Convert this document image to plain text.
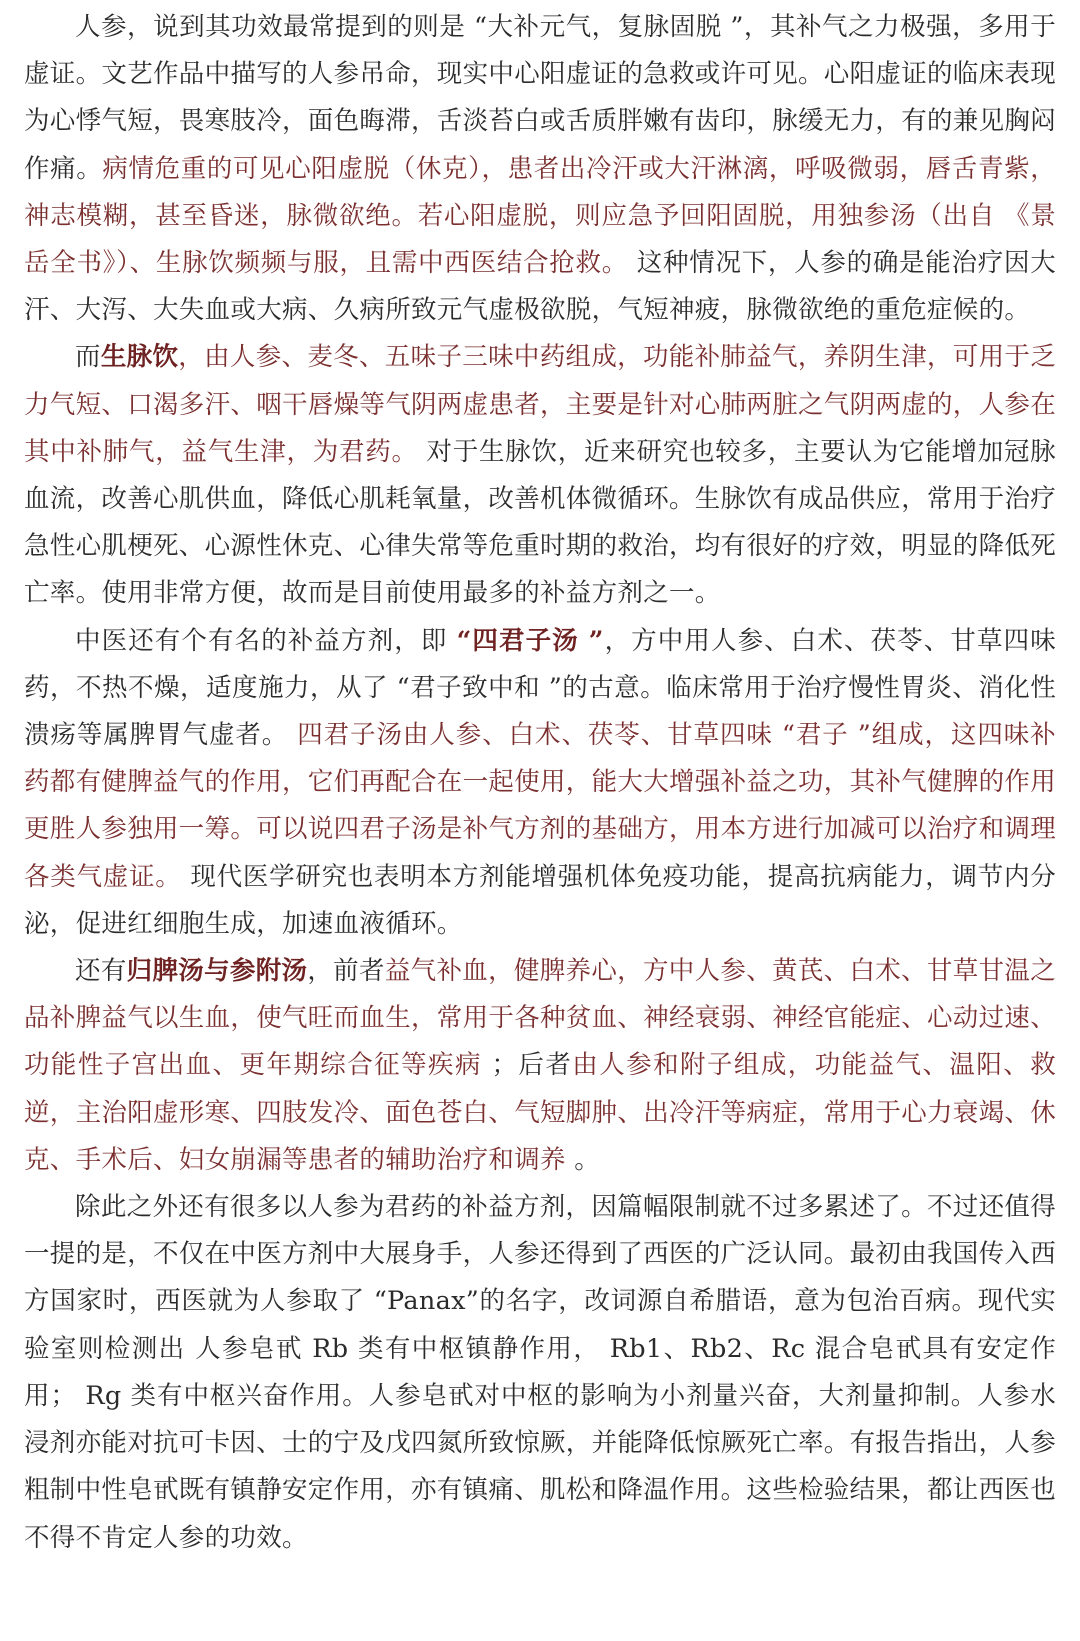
人参，说到其功效最常提到的则是 “大补元气，复脉固脱 ”，其补气之力极强，多用于虚证。文艺作品中描写的人参吊命，现实中心阳虚证的急救或许可见。心阳虚证的临床表现为心悸气短，畏寒肢冷，面色晦滞，舌淡苔白或舌质胖嫩有齿印，脉缓无力，有的兼见胸闷作痛。病情危重的可见心阳虚脱（休克），患者出冷汗或大汗淋漓，呼吸微弱，唇舌青紫，神志模糊，甚至昏迷，脉微欲绝。若心阳虚脱，则应急予回阳固脱，用独参汤（出自 《景岳全书》）、生脉饮频频与服，且需中西医结合抢救。 这种情况下，人参的确是能治疗因大汗、大泻、大失血或大病、久病所致元气虚极欲脱，气短神疲，脉微欲绝的重危症候的。

而生脉饮，由人参、麦冬、五味子三味中药组成，功能补肺益气，养阴生津，可用于乏力气短、口渴多汗、咽干唇燥等气阴两虚患者，主要是针对心肺两脏之气阴两虚的，人参在其中补肺气，益气生津，为君药。 对于生脉饮，近来研究也较多，主要认为它能增加冠脉血流，改善心肌供血，降低心肌耗氧量，改善机体微循环。生脉饮有成品供应，常用于治疗急性心肌梗死、心源性休克、心律失常等危重时期的救治，均有很好的疗效，明显的降低死亡率。使用非常方便，故而是目前使用最多的补益方剂之一。

中医还有个有名的补益方剂，即 “四君子汤 ”，方中用人参、白术、茯苓、甘草四味药，不热不燥，适度施力，从了 “君子致中和 ”的古意。临床常用于治疗慢性胃炎、消化性溃疡等属脾胃气虚者。 四君子汤由人参、白术、茯苓、甘草四味 “君子 ”组成，这四味补药都有健脾益气的作用，它们再配合在一起使用，能大大增强补益之功，其补气健脾的作用更胜人参独用一筹。可以说四君子汤是补气方剂的基础方，用本方进行加减可以治疗和调理各类气虚证。 现代医学研究也表明本方剂能增强机体免疫功能，提高抗病能力，调节内分泌，促进红细胞生成，加速血液循环。

还有归脾汤与参附汤，前者益气补血，健脾养心，方中人参、黄芪、白术、甘草甘温之品补脾益气以生血，使气旺而血生，常用于各种贫血、神经衰弱、神经官能症、心动过速、功能性子宫出血、更年期综合征等疾病 ；后者由人参和附子组成，功能益气、温阳、救逆，主治阳虚形寒、四肢发冷、面色苍白、气短脚肿、出冷汗等病症，常用于心力衰竭、休克、手术后、妇女崩漏等患者的辅助治疗和调养 。

除此之外还有很多以人参为君药的补益方剂，因篇幅限制就不过多累述了。不过还值得一提的是，不仅在中医方剂中大展身手，人参还得到了西医的广泛认同。最初由我国传入西方国家时，西医就为人参取了 “Panax”的名字，改词源自希腊语，意为包治百病。现代实验室则检测出 人参皂甙 Rb 类有中枢镇静作用， Rb1、Rb2、Rc 混合皂甙具有安定作用； Rg 类有中枢兴奋作用。人参皂甙对中枢的影响为小剂量兴奋，大剂量抑制。人参水浸剂亦能对抗可卡因、士的宁及戊四氮所致惊厥，并能降低惊厥死亡率。有报告指出，人参粗制中性皂甙既有镇静安定作用，亦有镇痛、肌松和降温作用。这些检验结果，都让西医也不得不肯定人参的功效。
